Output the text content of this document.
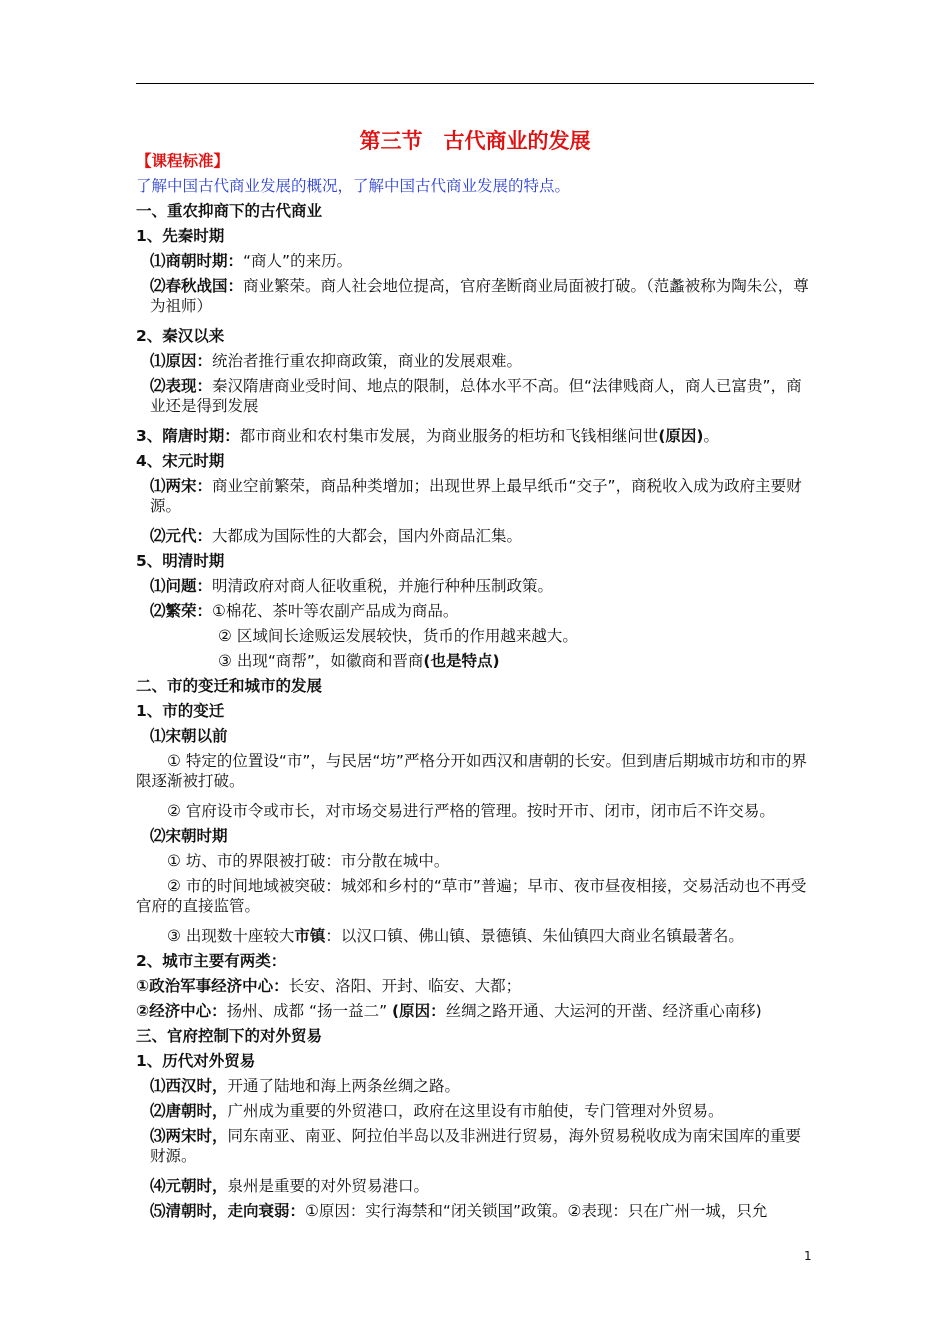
第三节　古代商业的发展
【课程标准】
了解中国古代商业发展的概况，了解中国古代商业发展的特点。
一、重农抑商下的古代商业
1、先秦时期
⑴商朝时期：“商人”的来历。
⑵春秋战国：商业繁荣。商人社会地位提高，官府垄断商业局面被打破。（范蠡被称为陶朱公，尊为祖师）
2、秦汉以来
⑴原因：统治者推行重农抑商政策，商业的发展艰难。
⑵表现：秦汉隋唐商业受时间、地点的限制，总体水平不高。但“法律贱商人，商人已富贵”，商业还是得到发展
3、隋唐时期：都市商业和农村集市发展，为商业服务的柜坊和飞钱相继问世(原因)。
4、宋元时期
⑴两宋：商业空前繁荣，商品种类增加；出现世界上最早纸币“交子”，商税收入成为政府主要财源。
⑵元代：大都成为国际性的大都会，国内外商品汇集。
5、明清时期
⑴问题：明清政府对商人征收重税，并施行种种压制政策。
⑵繁荣：①棉花、茶叶等农副产品成为商品。
② 区域间长途贩运发展较快，货币的作用越来越大。
③ 出现“商帮”，如徽商和晋商(也是特点)
二、市的变迁和城市的发展
1、市的变迁
⑴宋朝以前
　　① 特定的位置设“市”，与民居“坊”严格分开如西汉和唐朝的长安。但到唐后期城市坊和市的界限逐渐被打破。
　　② 官府设市令或市长，对市场交易进行严格的管理。按时开市、闭市，闭市后不许交易。
⑵宋朝时期
　　① 坊、市的界限被打破：市分散在城中。
　　② 市的时间地域被突破：城郊和乡村的“草市”普遍；早市、夜市昼夜相接，交易活动也不再受官府的直接监管。
　　③ 出现数十座较大市镇：以汉口镇、佛山镇、景德镇、朱仙镇四大商业名镇最著名。
2、城市主要有两类：
①政治军事经济中心：长安、洛阳、开封、临安、大都；
②经济中心：扬州、成都 “扬一益二” (原因：丝绸之路开通、大运河的开凿、经济重心南移)
三、官府控制下的对外贸易
1、历代对外贸易
⑴西汉时，开通了陆地和海上两条丝绸之路。
⑵唐朝时，广州成为重要的外贸港口，政府在这里设有市舶使，专门管理对外贸易。
⑶两宋时，同东南亚、南亚、阿拉伯半岛以及非洲进行贸易，海外贸易税收成为南宋国库的重要财源。
⑷元朝时，泉州是重要的对外贸易港口。
⑸清朝时，走向衰弱：①原因：实行海禁和“闭关锁国”政策。②表现：只在广州一城，只允
1
